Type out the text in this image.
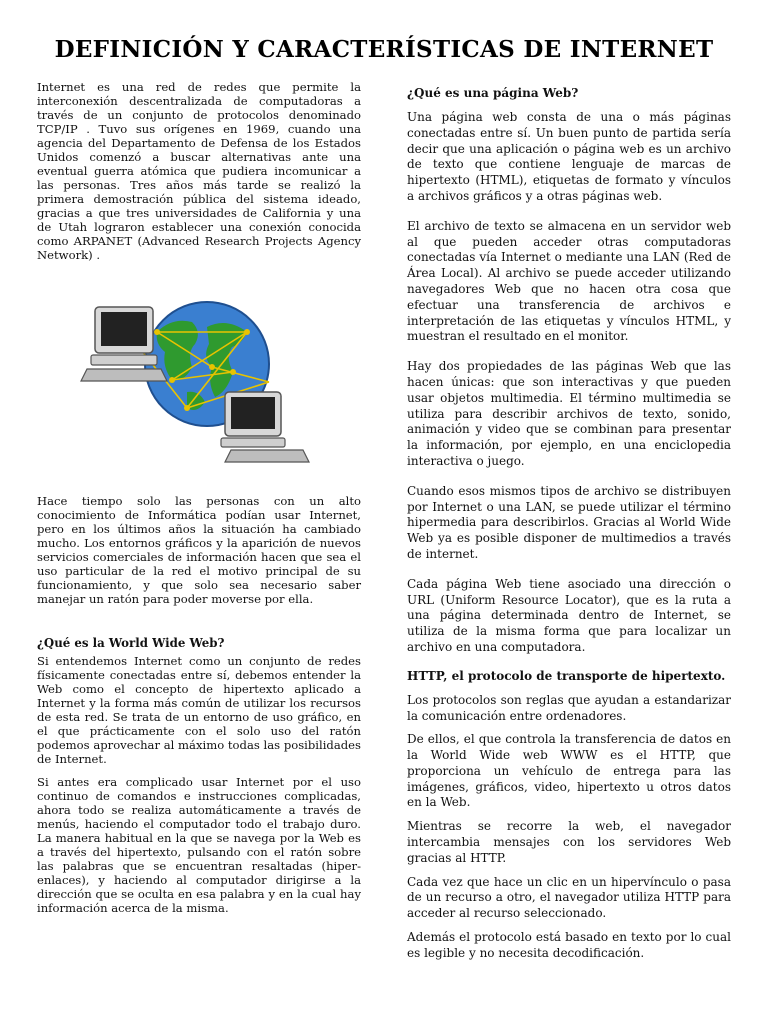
DEFINICIÓN Y CARACTERÍSTICAS DE INTERNET

Internet es una red de redes que permite la interconexión descentralizada de computadoras a través de un conjunto de protocolos denominado TCP/IP . Tuvo sus orígenes en 1969, cuando una agencia del Departamento de Defensa de los Estados Unidos comenzó a buscar alternativas ante una eventual guerra atómica que pudiera incomunicar a las personas. Tres años más tarde se realizó la primera demostración pública del sistema ideado, gracias a que tres universidades de California y una de Utah lograron establecer una conexión conocida como ARPANET (Advanced Research Projects Agency Network) .

Hace tiempo solo las personas con un alto conocimiento de Informática podían usar Internet, pero en los últimos años la situación ha cambiado mucho. Los entornos gráficos y la aparición de nuevos servicios comerciales de información hacen que sea el uso particular de la red el motivo principal de su funcionamiento, y que solo sea necesario saber manejar un ratón para poder moverse por ella.

¿Qué es la World Wide Web?

Si entendemos Internet como un conjunto de redes físicamente conectadas entre sí, debemos entender la Web como el concepto de hipertexto aplicado a Internet y la forma más común de utilizar los recursos de esta red. Se trata de un entorno de uso gráfico, en el que prácticamente con el solo uso del ratón podemos aprovechar al máximo todas las posibilidades de Internet.

Si antes era complicado usar Internet por el uso continuo de comandos e instrucciones complicadas, ahora todo se realiza automáticamente a través de menús, haciendo el computador todo el trabajo duro. La manera habitual en la que se navega por la Web es a través del hipertexto, pulsando con el ratón sobre las palabras que se encuentran resaltadas (hiper-enlaces), y haciendo al computador dirigirse a la dirección que se oculta en esa palabra y en la cual hay información acerca de la misma.

¿Qué es una página Web?

Una página web consta de una o más páginas conectadas entre sí. Un buen punto de partida sería decir que una aplicación o página web es un archivo de texto que contiene lenguaje de marcas de hipertexto (HTML), etiquetas de formato y vínculos a archivos gráficos y a otras páginas web.

El archivo de texto se almacena en un servidor web al que pueden acceder otras computadoras conectadas vía Internet o mediante una LAN (Red de Área Local). Al archivo se puede acceder utilizando navegadores Web que no hacen otra cosa que efectuar una transferencia de archivos e interpretación de las etiquetas y vínculos HTML, y muestran el resultado en el monitor.

Hay dos propiedades de las páginas Web que las hacen únicas: que son interactivas y que pueden usar objetos multimedia. El término multimedia se utiliza para describir archivos de texto, sonido, animación y video que se combinan para presentar la información, por ejemplo, en una enciclopedia interactiva o juego.

Cuando esos mismos tipos de archivo se distribuyen por Internet o una LAN, se puede utilizar el término hipermedia para describirlos. Gracias al World Wide Web ya es posible disponer de multimedios a través de internet.

Cada página Web tiene asociado una dirección o URL (Uniform Resource Locator), que es la ruta a una página determinada dentro de Internet, se utiliza de la misma forma que para localizar un archivo en una computadora.

HTTP, el protocolo de transporte de hipertexto.

Los protocolos son reglas que ayudan a estandarizar la comunicación entre ordenadores.

De ellos, el que controla la transferencia de datos en la World Wide web WWW es el HTTP, que proporciona un vehículo de entrega para las imágenes, gráficos, video, hipertexto u otros datos en la Web.

Mientras se recorre la web, el navegador intercambia mensajes con los servidores Web gracias al HTTP.

Cada vez que hace un clic en un hipervínculo o pasa de un recurso a otro, el navegador utiliza HTTP para acceder al recurso seleccionado.

Además el protocolo está basado en texto por lo cual es legible y no necesita decodificación.
